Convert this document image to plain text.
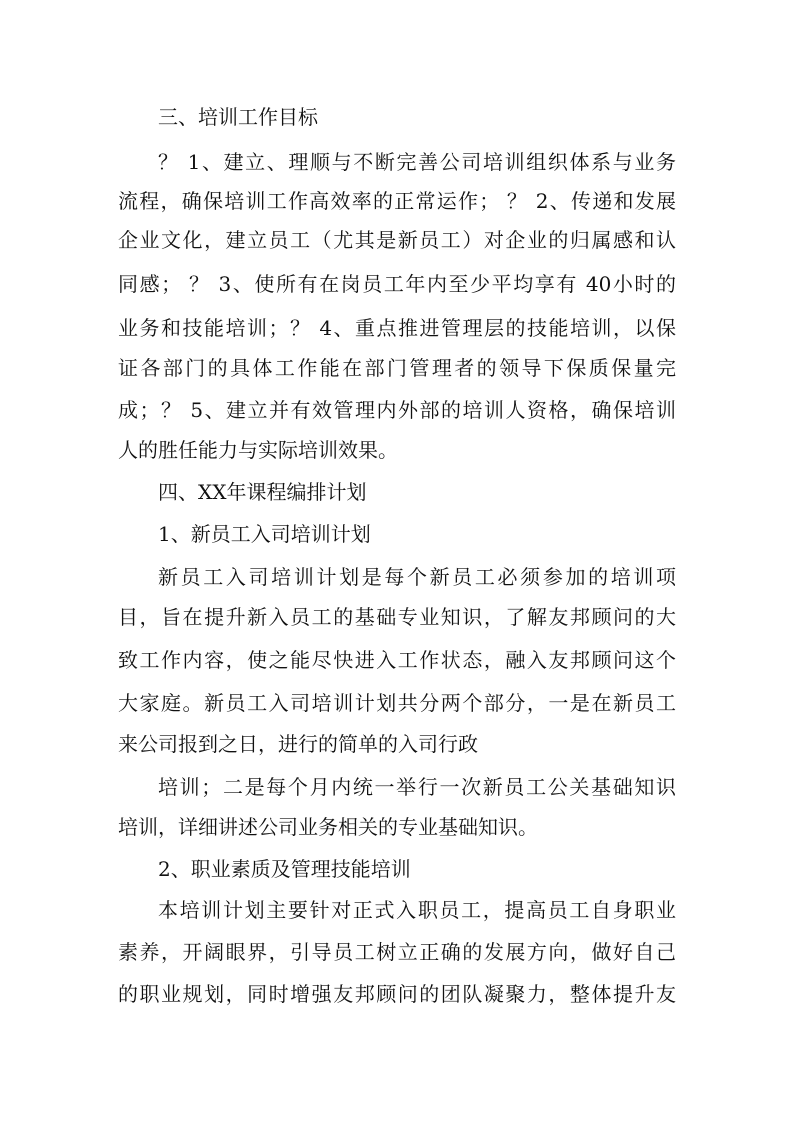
三、培训工作目标
？ 1、建立、理顺与不断完善公司培训组织体系与业务
流程，确保培训工作高效率的正常运作； ？ 2、传递和发展
企业文化，建立员工（尤其是新员工）对企业的归属感和认
同感； ？ 3、使所有在岗员工年内至少平均享有 40小时的
业务和技能培训；？ 4、重点推进管理层的技能培训，以保
证各部门的具体工作能在部门管理者的领导下保质保量完
成；？ 5、建立并有效管理内外部的培训人资格，确保培训
人的胜任能力与实际培训效果。
四、XX年课程编排计划
1、新员工入司培训计划
新员工入司培训计划是每个新员工必须参加的培训项
目，旨在提升新入员工的基础专业知识，了解友邦顾问的大
致工作内容，使之能尽快进入工作状态，融入友邦顾问这个
大家庭。新员工入司培训计划共分两个部分，一是在新员工
来公司报到之日，进行的简单的入司行政
培训；二是每个月内统一举行一次新员工公关基础知识
培训，详细讲述公司业务相关的专业基础知识。
2、职业素质及管理技能培训
本培训计划主要针对正式入职员工，提高员工自身职业
素养，开阔眼界，引导员工树立正确的发展方向，做好自己
的职业规划，同时增强友邦顾问的团队凝聚力，整体提升友
